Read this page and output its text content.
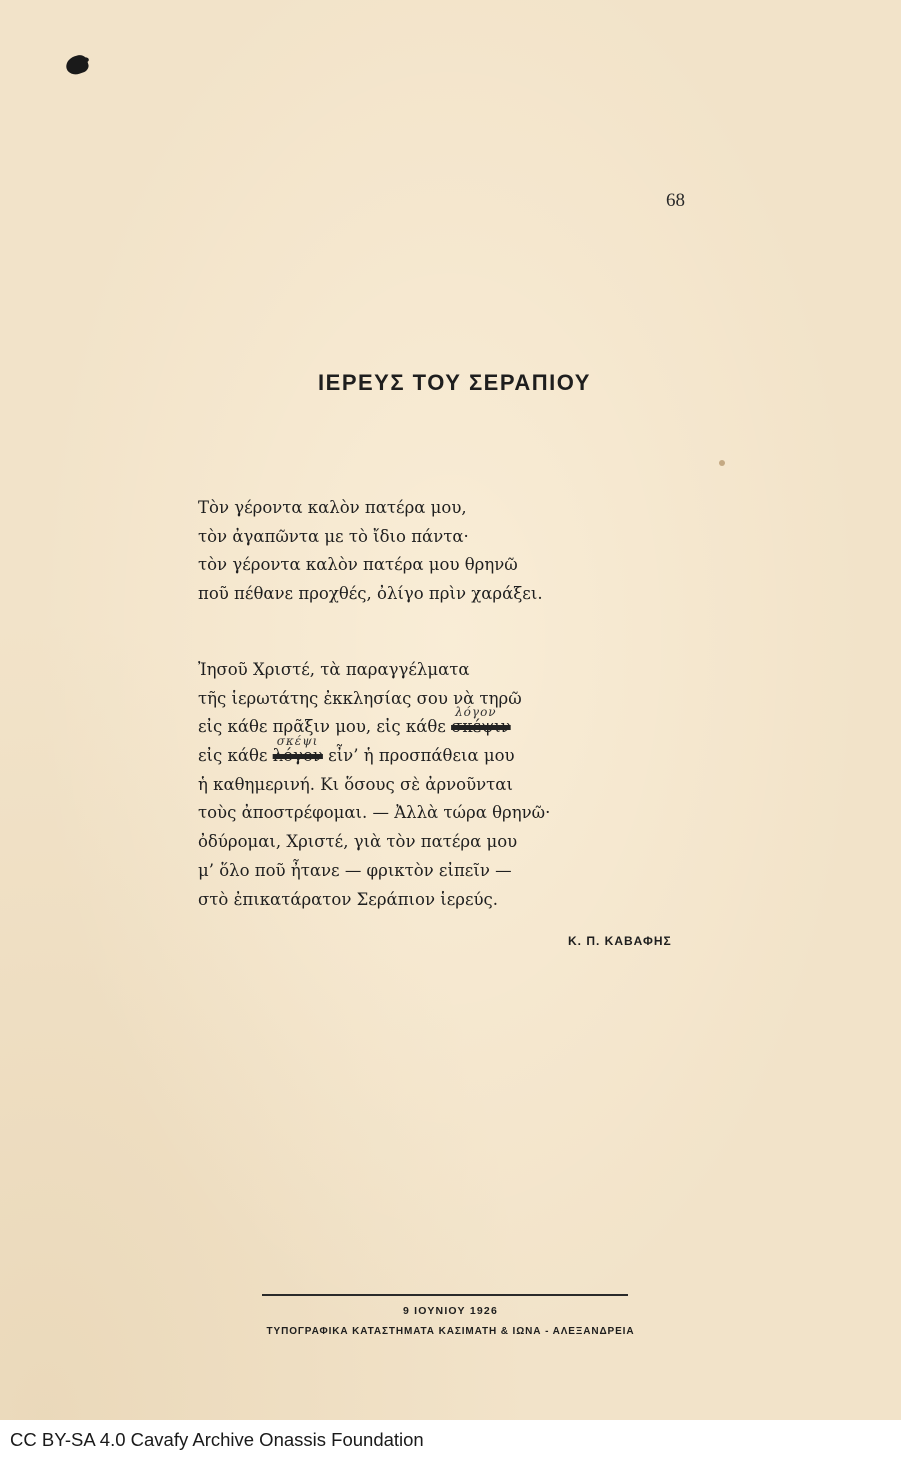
68
ΙΕΡΕΥΣ ΤΟΥ ΣΕΡΑΠΙΟΥ
Τὸν γέροντα καλὸν πατέρα μου,
τὸν ἀγαπῶντα με τὸ ἴδιο πάντα·
τὸν γέροντα καλὸν πατέρα μου θρηνῶ
ποῦ πέθανε προχθές, ὀλίγο πρὶν χαράξει.
Ἰησοῦ Χριστέ, τὰ παραγγέλματα
τῆς ἱερωτάτης ἐκκλησίας σου νὰ τηρῶ
εἰς κάθε πρᾶξιν μου, εἰς κάθε
λόγον
σκέψιν
εἰς κάθε
σκέψι
λόγον εἶν’ ἡ προσπάθεια μου
ἡ καθημερινή. Κι ὅσους σὲ ἀρνοῦνται
τοὺς ἀποστρέφομαι. — Ἀλλὰ τώρα θρηνῶ·
ὀδύρομαι, Χριστέ, γιὰ τὸν πατέρα μου
μ’ ὅλο ποῦ ἦτανε — φρικτὸν εἰπεῖν —
στὸ ἐπικατάρατον Σεράπιον ἱερεύς.
Κ. Π. ΚΑΒΑΦΗΣ
9 ΙΟΥΝΙΟΥ 1926
ΤΥΠΟΓΡΑΦΙΚΑ ΚΑΤΑΣΤΗΜΑΤΑ ΚΑΣΙΜΑΤΗ & ΙΩΝΑ - ΑΛΕΞΑΝΔΡΕΙΑ
CC BY-SA 4.0 Cavafy Archive Onassis Foundation
